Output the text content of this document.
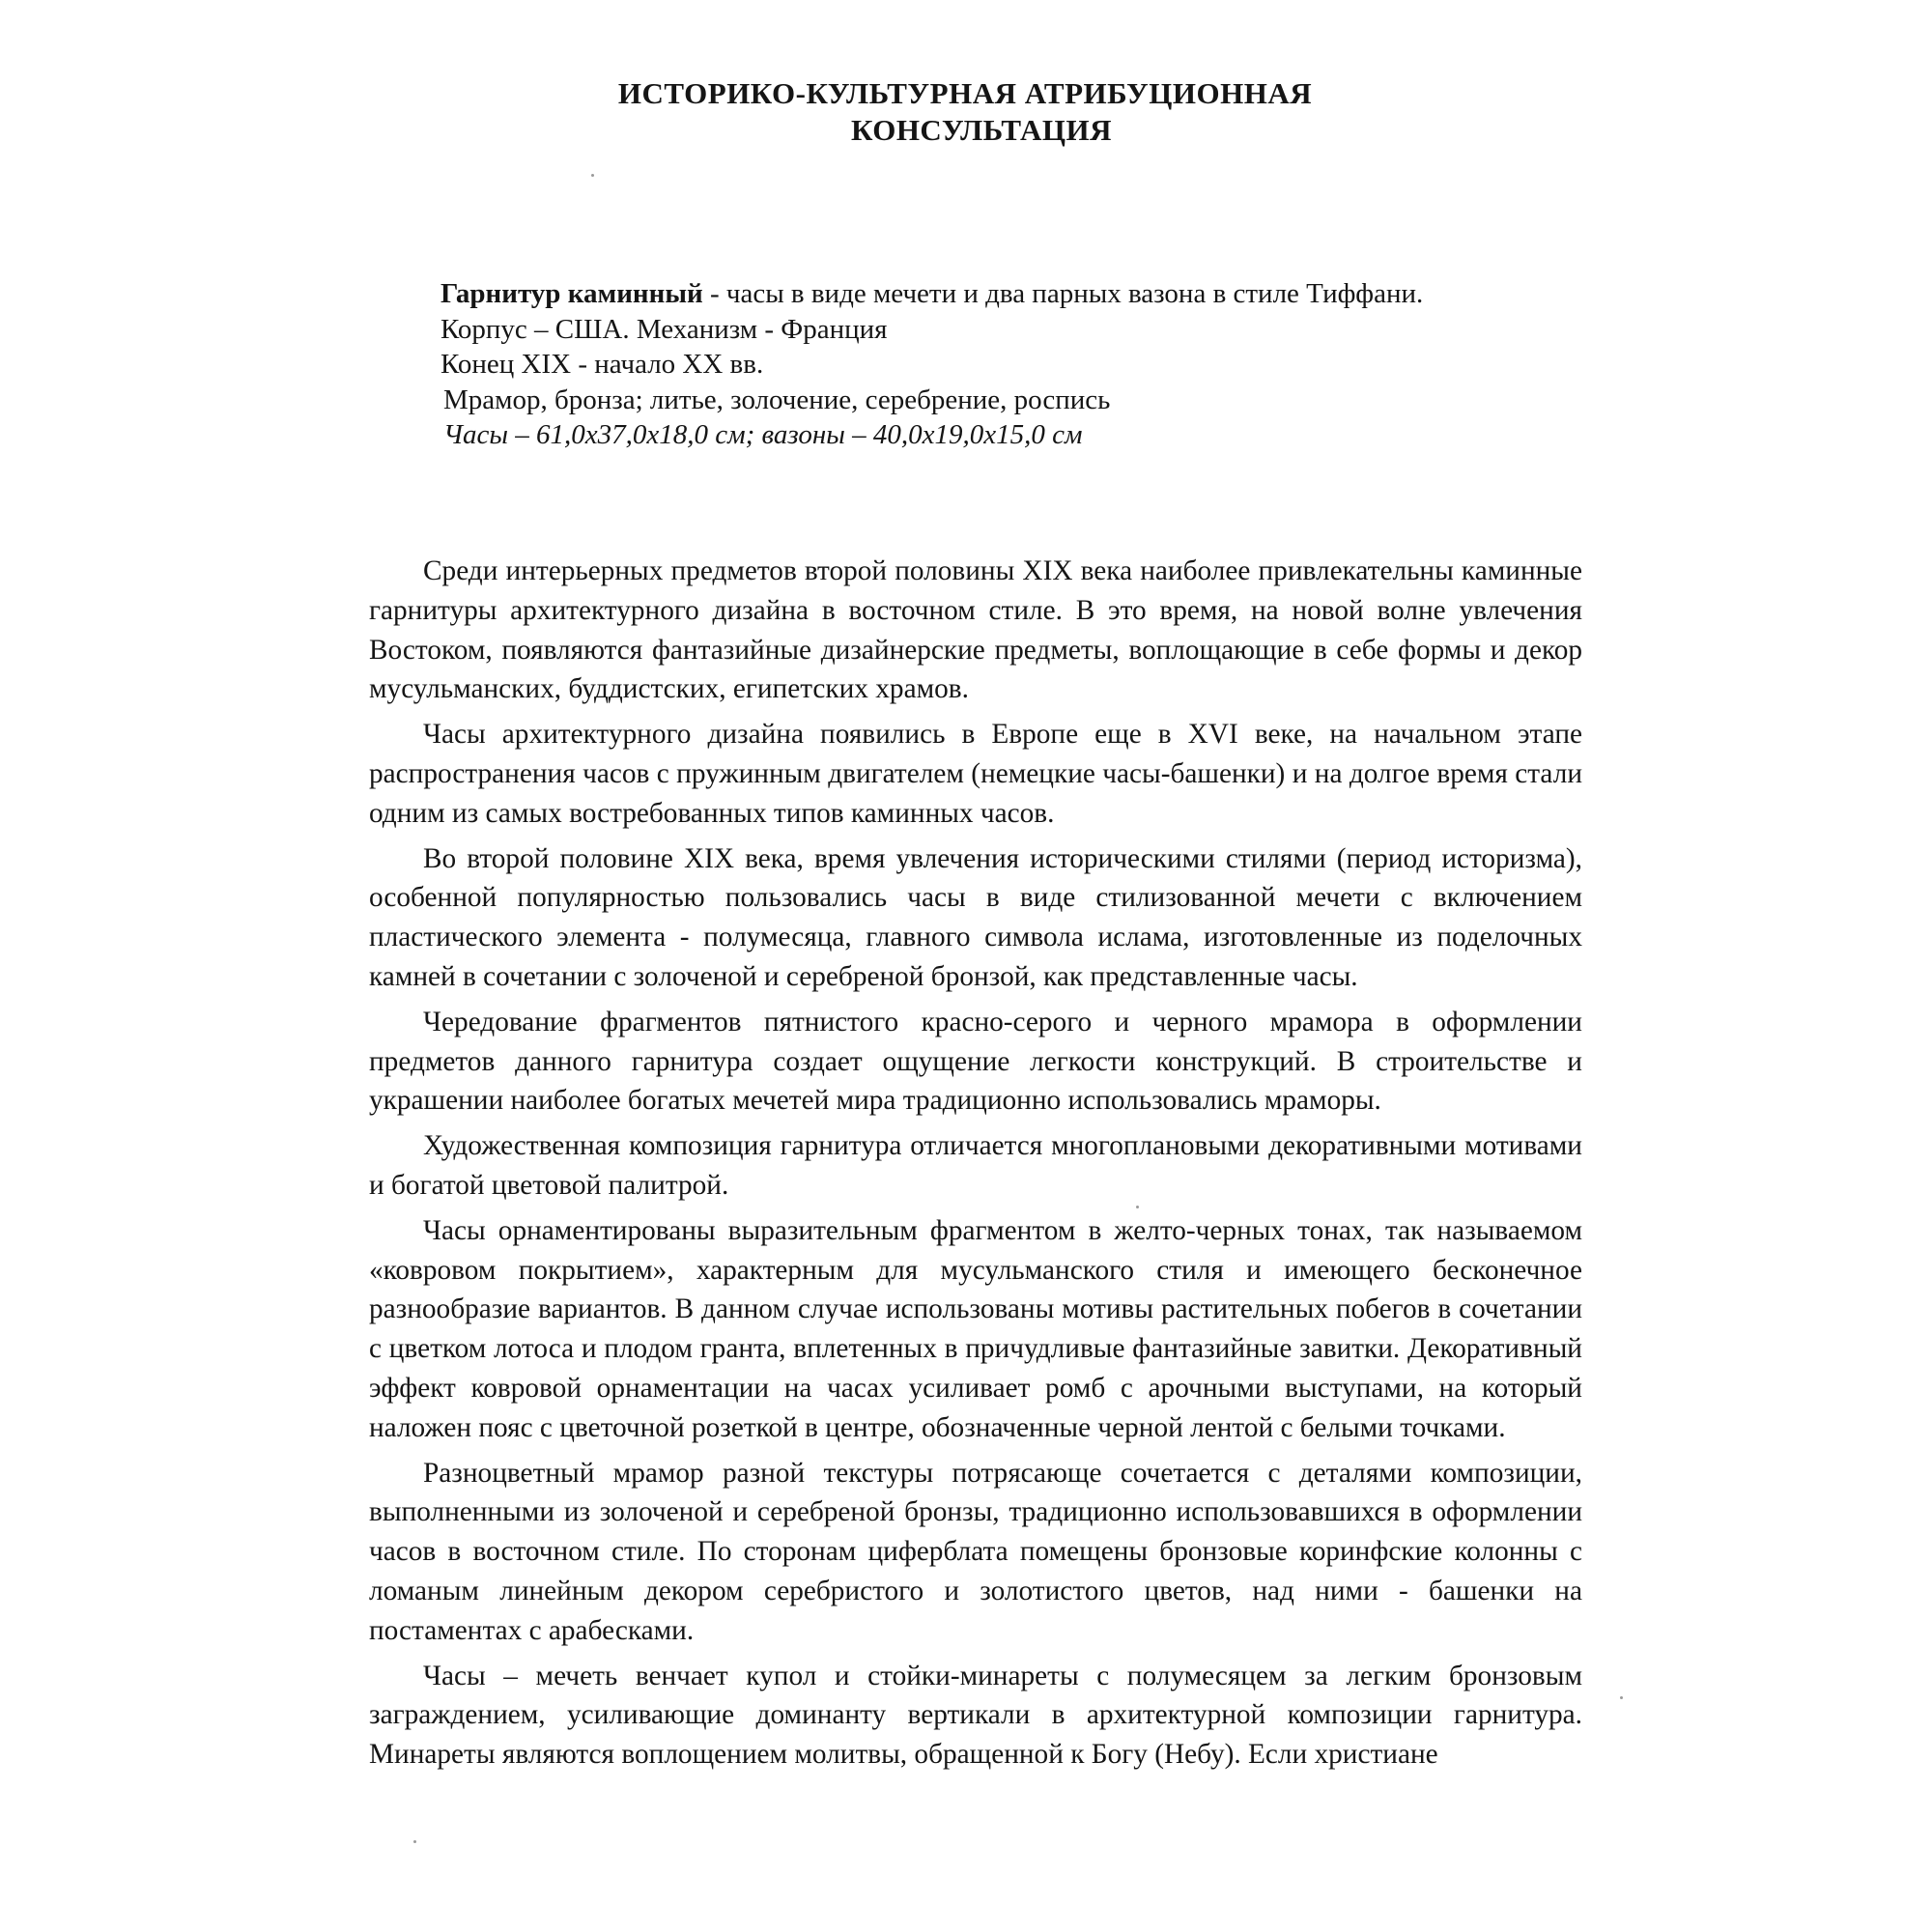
ИСТОРИКО-КУЛЬТУРНАЯ АТРИБУЦИОННАЯ
КОНСУЛЬТАЦИЯ
Гарнитур каминный - часы в виде мечети и два парных вазона в стиле Тиффани.
Корпус – США. Механизм - Франция
Конец XIX - начало XX вв.
Мрамор, бронза; литье, золочение, серебрение, роспись
Часы – 61,0х37,0х18,0 см; вазоны – 40,0х19,0х15,0 см

Среди интерьерных предметов второй половины XIX века наиболее привлекательны каминные гарнитуры архитектурного дизайна в восточном стиле. В это время, на новой волне увлечения Востоком, появляются фантазийные дизайнерские предметы, воплощающие в себе формы и декор мусульманских, буддистских, египетских храмов.

Часы архитектурного дизайна появились в Европе еще в XVI веке, на начальном этапе распространения часов с пружинным двигателем (немецкие часы-башенки) и на долгое время стали одним из самых востребованных типов каминных часов.

Во второй половине XIX века, время увлечения историческими стилями (период историзма), особенной популярностью пользовались часы в виде стилизованной мечети с включением пластического элемента - полумесяца, главного символа ислама, изготовленные из поделочных камней в сочетании с золоченой и серебреной бронзой, как представленные часы.

Чередование фрагментов пятнистого красно-серого и черного мрамора в оформлении предметов данного гарнитура создает ощущение легкости конструкций. В строительстве и украшении наиболее богатых мечетей мира традиционно использовались мраморы.

Художественная композиция гарнитура отличается многоплановыми декоративными мотивами и богатой цветовой палитрой.

Часы орнаментированы выразительным фрагментом в желто-черных тонах, так называемом «ковровом покрытием», характерным для мусульманского стиля и имеющего бесконечное разнообразие вариантов. В данном случае использованы мотивы растительных побегов в сочетании с цветком лотоса и плодом гранта, вплетенных в причудливые фантазийные завитки. Декоративный эффект ковровой орнаментации на часах усиливает ромб с арочными выступами, на который наложен пояс с цветочной розеткой в центре, обозначенные черной лентой с белыми точками.

Разноцветный мрамор разной текстуры потрясающе сочетается с деталями композиции, выполненными из золоченой и серебреной бронзы, традиционно использовавшихся в оформлении часов в восточном стиле. По сторонам циферблата помещены бронзовые коринфские колонны с ломаным линейным декором серебристого и золотистого цветов, над ними - башенки на постаментах с арабесками.

Часы – мечеть венчает купол и стойки-минареты с полумесяцем за легким бронзовым заграждением, усиливающие доминанту вертикали в архитектурной композиции гарнитура. Минареты являются воплощением молитвы, обращенной к Богу (Небу). Если христиане
